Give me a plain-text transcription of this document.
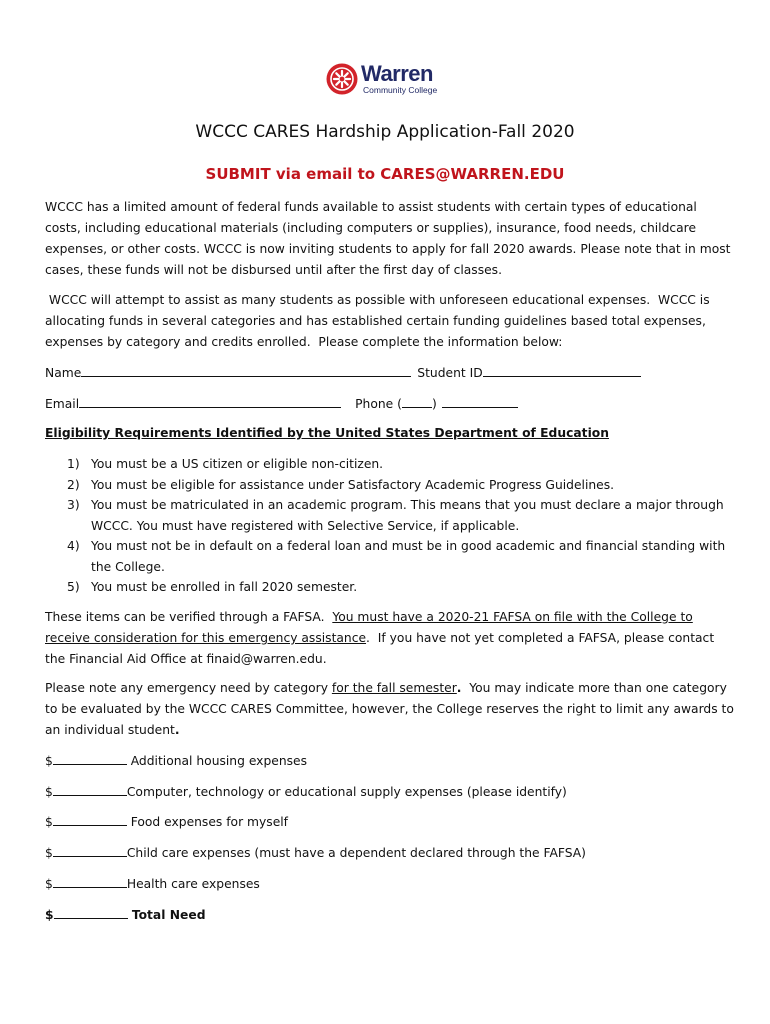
Warren
Community College
WCCC CARES Hardship Application-Fall 2020
SUBMIT via email to CARES@WARREN.EDU

WCCC has a limited amount of federal funds available to assist students with certain types of educational costs, including educational materials (including computers or supplies), insurance, food needs, childcare expenses, or other costs. WCCC is now inviting students to apply for fall 2020 awards. Please note that in most cases, these funds will not be disbursed until after the first day of classes.

WCCC will attempt to assist as many students as possible with unforeseen educational expenses.  WCCC is allocating funds in several categories and has established certain funding guidelines based total expenses, expenses by category and credits enrolled.  Please complete the information below:

Name	Student ID
Email	Phone ( )
Eligibility Requirements Identified by the United States Department of Education
1) You must be a US citizen or eligible non-citizen.
2) You must be eligible for assistance under Satisfactory Academic Progress Guidelines.
3) You must be matriculated in an academic program. This means that you must declare a major through WCCC. You must have registered with Selective Service, if applicable.
4) You must not be in default on a federal loan and must be in good academic and financial standing with the College.
5) You must be enrolled in fall 2020 semester.

These items can be verified through a FAFSA.  You must have a 2020-21 FAFSA on file with the College to receive consideration for this emergency assistance.  If you have not yet completed a FAFSA, please contact the Financial Aid Office at finaid@warren.edu.

Please note any emergency need by category for the fall semester.  You may indicate more than one category to be evaluated by the WCCC CARES Committee, however, the College reserves the right to limit any awards to an individual student.

$	Additional housing expenses
$	Computer, technology or educational supply expenses (please identify)
$	Food expenses for myself
$	Child care expenses (must have a dependent declared through the FAFSA)
$	Health care expenses
$	Total Need
